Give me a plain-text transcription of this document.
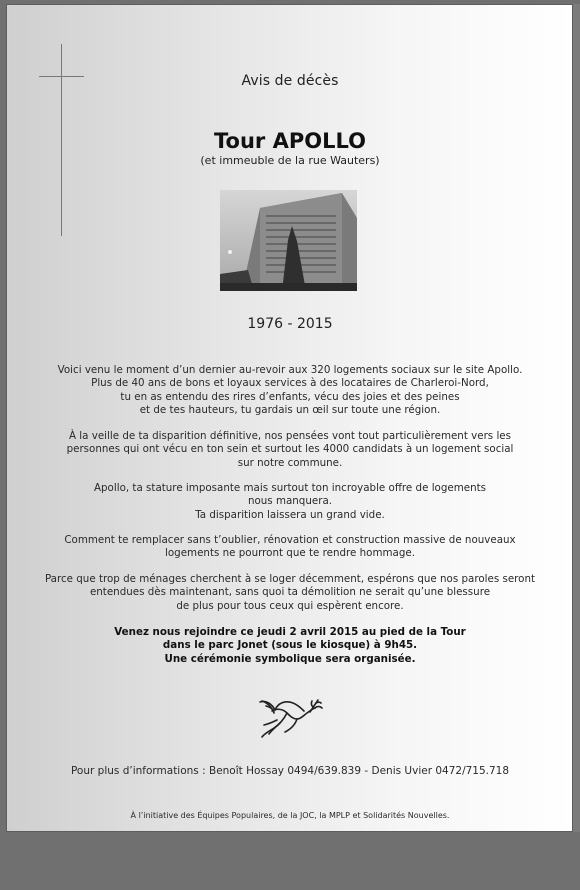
Avis de décès
Tour APOLLO
(et immeuble de la rue Wauters)
1976 - 2015
Voici venu le moment d’un dernier au-revoir aux 320 logements sociaux sur le site Apollo.
Plus de 40 ans de bons et loyaux services à des locataires de Charleroi-Nord,
tu en as entendu des rires d’enfants, vécu des joies et des peines
et de tes hauteurs, tu gardais un œil sur toute une région.
À la veille de ta disparition définitive, nos pensées vont tout particulièrement vers les
personnes qui ont vécu en ton sein et surtout les 4000 candidats à un logement social
sur notre commune.
Apollo, ta stature imposante mais surtout ton incroyable offre de logements
nous manquera.
Ta disparition laissera un grand vide.
Comment te remplacer sans t’oublier, rénovation et construction massive de nouveaux
logements ne pourront que te rendre hommage.
Parce que trop de ménages cherchent à se loger décemment, espérons que nos paroles seront
entendues dès maintenant, sans quoi ta démolition ne serait qu’une blessure
de plus pour tous ceux qui espèrent encore.
Venez nous rejoindre ce jeudi 2 avril 2015 au pied de la Tour
dans le parc Jonet (sous le kiosque) à 9h45.
Une cérémonie symbolique sera organisée.
Pour plus d’informations : Benoît Hossay 0494/639.839 - Denis Uvier 0472/715.718
À l’initiative des Équipes Populaires, de la JOC, la MPLP et Solidarités Nouvelles.
